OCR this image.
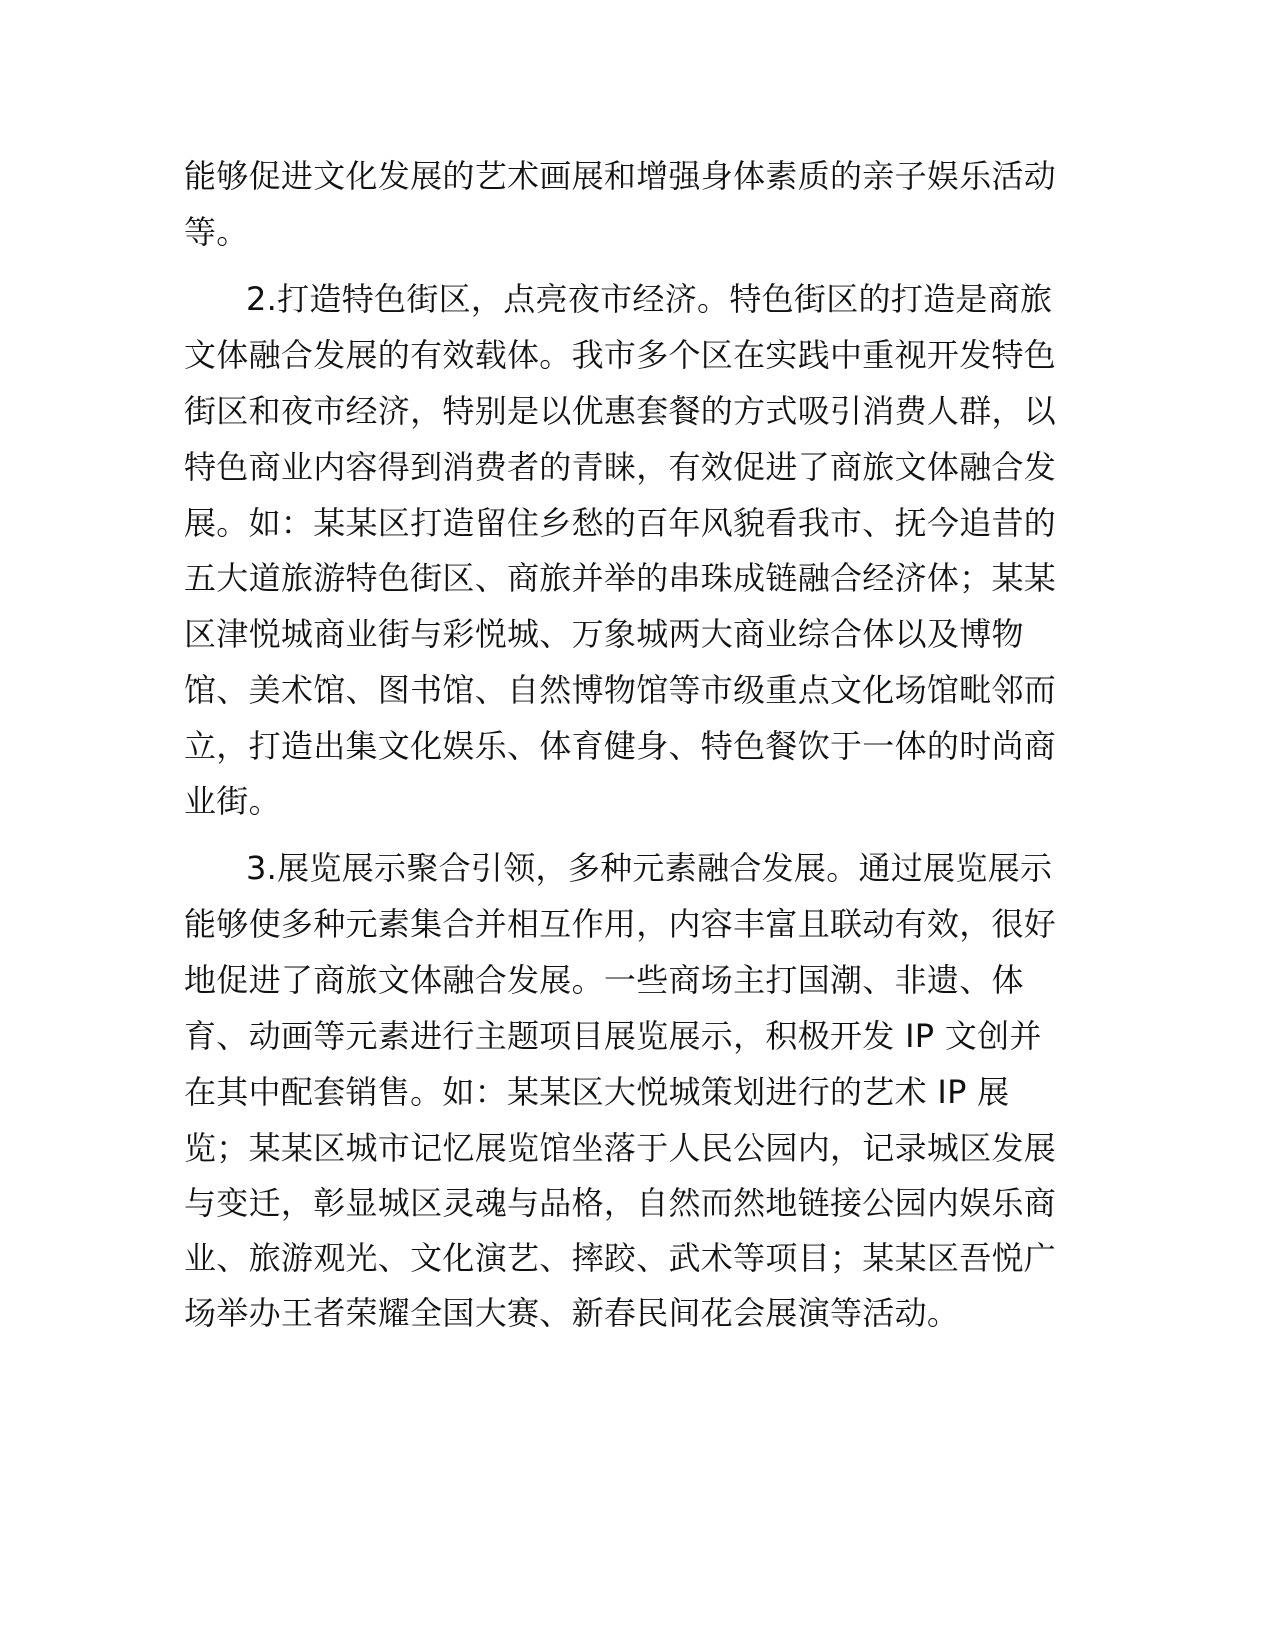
能够促进文化发展的艺术画展和增强身体素质的亲子娱乐活动
等。
2.打造特色街区，点亮夜市经济。特色街区的打造是商旅
文体融合发展的有效载体。我市多个区在实践中重视开发特色
街区和夜市经济，特别是以优惠套餐的方式吸引消费人群，以
特色商业内容得到消费者的青睐，有效促进了商旅文体融合发
展。如：某某区打造留住乡愁的百年风貌看我市、抚今追昔的
五大道旅游特色街区、商旅并举的串珠成链融合经济体；某某
区津悦城商业街与彩悦城、万象城两大商业综合体以及博物
馆、美术馆、图书馆、自然博物馆等市级重点文化场馆毗邻而
立，打造出集文化娱乐、体育健身、特色餐饮于一体的时尚商
业街。
3.展览展示聚合引领，多种元素融合发展。通过展览展示
能够使多种元素集合并相互作用，内容丰富且联动有效，很好
地促进了商旅文体融合发展。一些商场主打国潮、非遗、体
育、动画等元素进行主题项目展览展示，积极开发 IP 文创并
在其中配套销售。如：某某区大悦城策划进行的艺术 IP 展
览；某某区城市记忆展览馆坐落于人民公园内，记录城区发展
与变迁，彰显城区灵魂与品格，自然而然地链接公园内娱乐商
业、旅游观光、文化演艺、摔跤、武术等项目；某某区吾悦广
场举办王者荣耀全国大赛、新春民间花会展演等活动。
